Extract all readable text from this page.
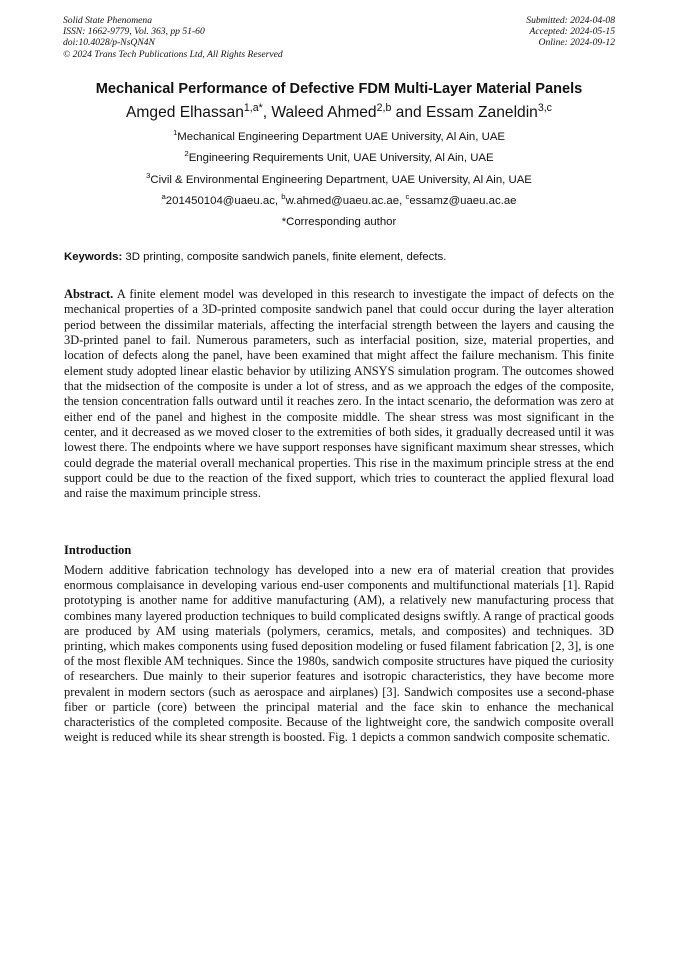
Solid State Phenomena
ISSN: 1662-9779, Vol. 363, pp 51-60
doi:10.4028/p-NsQN4N
© 2024 Trans Tech Publications Ltd, All Rights Reserved
Submitted: 2024-04-08
Accepted: 2024-05-15
Online: 2024-09-12
Mechanical Performance of Defective FDM Multi-Layer Material Panels
Amged Elhassan$^{1,a*}$, Waleed Ahmed$^{2,b}$ and Essam Zaneldin$^{3,c}$
$^1$Mechanical Engineering Department UAE University, Al Ain, UAE
$^2$Engineering Requirements Unit, UAE University, Al Ain, UAE
$^3$Civil & Environmental Engineering Department, UAE University, Al Ain, UAE
$^a$201450104@uaeu.ac, $^b$w.ahmed@uaeu.ac.ae, $^c$essamz@uaeu.ac.ae
*Corresponding author
Keywords: 3D printing, composite sandwich panels, finite element, defects.

Abstract. A finite element model was developed in this research to investigate the impact of defects on the mechanical properties of a 3D-printed composite sandwich panel that could occur during the layer alteration period between the dissimilar materials, affecting the interfacial strength between the layers and causing the 3D-printed panel to fail. Numerous parameters, such as interfacial position, size, material properties, and location of defects along the panel, have been examined that might affect the failure mechanism. This finite element study adopted linear elastic behavior by utilizing ANSYS simulation program. The outcomes showed that the midsection of the composite is under a lot of stress, and as we approach the edges of the composite, the tension concentration falls outward until it reaches zero. In the intact scenario, the deformation was zero at either end of the panel and highest in the composite middle. The shear stress was most significant in the center, and it decreased as we moved closer to the extremities of both sides, it gradually decreased until it was lowest there. The endpoints where we have support responses have significant maximum shear stresses, which could degrade the material overall mechanical properties. This rise in the maximum principle stress at the end support could be due to the reaction of the fixed support, which tries to counteract the applied flexural load and raise the maximum principle stress.

Introduction

Modern additive fabrication technology has developed into a new era of material creation that provides enormous complaisance in developing various end-user components and multifunctional materials [1]. Rapid prototyping is another name for additive manufacturing (AM), a relatively new manufacturing process that combines many layered production techniques to build complicated designs swiftly. A range of practical goods are produced by AM using materials (polymers, ceramics, metals, and composites) and techniques. 3D printing, which makes components using fused deposition modeling or fused filament fabrication [2, 3], is one of the most flexible AM techniques. Since the 1980s, sandwich composite structures have piqued the curiosity of researchers. Due mainly to their superior features and isotropic characteristics, they have become more prevalent in modern sectors (such as aerospace and airplanes) [3]. Sandwich composites use a second-phase fiber or particle (core) between the principal material and the face skin to enhance the mechanical characteristics of the completed composite. Because of the lightweight core, the sandwich composite overall weight is reduced while its shear strength is boosted. Fig. 1 depicts a common sandwich composite schematic.
